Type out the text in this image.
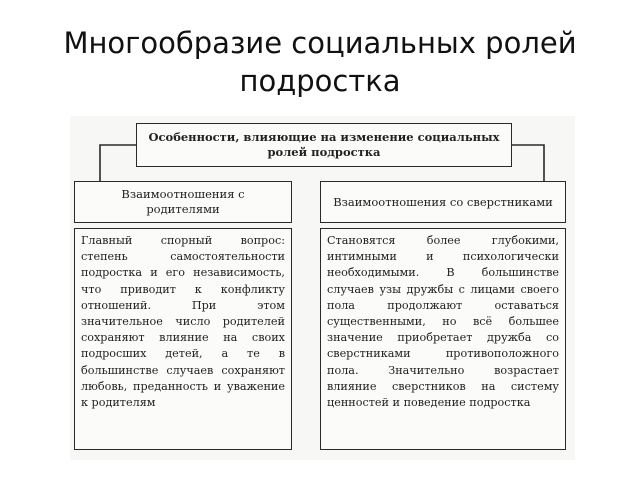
Многообразие социальных ролей подростка
Особенности, влияющие на изменение социальных ролей подростка
Взаимоотношения с родителями
Взаимоотношения со сверстниками
Главный спорный вопрос: степень самостоятельности подростка и его независимость, что приводит к конфликту отношений. При этом значительное число родителей сохраняют влияние на своих подросших детей, а те в большинстве случаев сохраняют любовь, преданность и уважение к родителям
Становятся более глубокими, интимными и психологически необходимыми. В большинстве случаев узы дружбы с лицами своего пола продолжают оставаться существенными, но всё большее значение приобретает дружба со сверстниками противоположного пола. Значительно возрастает влияние сверстников на систему ценностей и поведение подростка
